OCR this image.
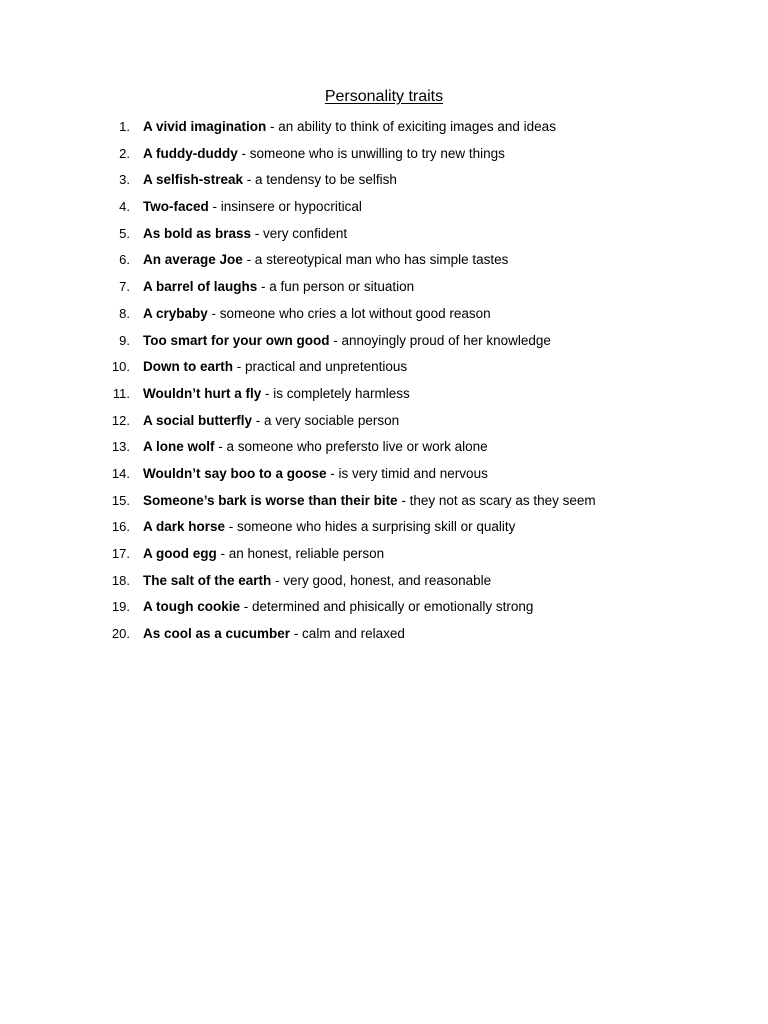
Personality traits
1. A vivid imagination - an ability to think of exiciting images and ideas
2. A fuddy-duddy - someone who is unwilling to try new things
3. A selfish-streak - a tendensy to be selfish
4. Two-faced - insinsere or hypocritical
5. As bold as brass - very confident
6. An average Joe - a stereotypical man who has simple tastes
7. A barrel of laughs - a fun person or situation
8. A crybaby - someone who cries a lot without good reason
9. Too smart for your own good - annoyingly proud of her knowledge
10. Down to earth - practical and unpretentious
11. Wouldn’t hurt a fly - is completely harmless
12. A social butterfly - a very sociable person
13. A lone wolf - a someone who prefersto live or work alone
14. Wouldn’t say boo to a goose - is very timid and nervous
15. Someone’s bark is worse than their bite - they not as scary as they seem
16. A dark horse - someone who hides a surprising skill or quality
17. A good egg - an honest, reliable person
18. The salt of the earth - very good, honest, and reasonable
19. A tough cookie - determined and phisically or emotionally strong
20. As cool as a cucumber - calm and relaxed
